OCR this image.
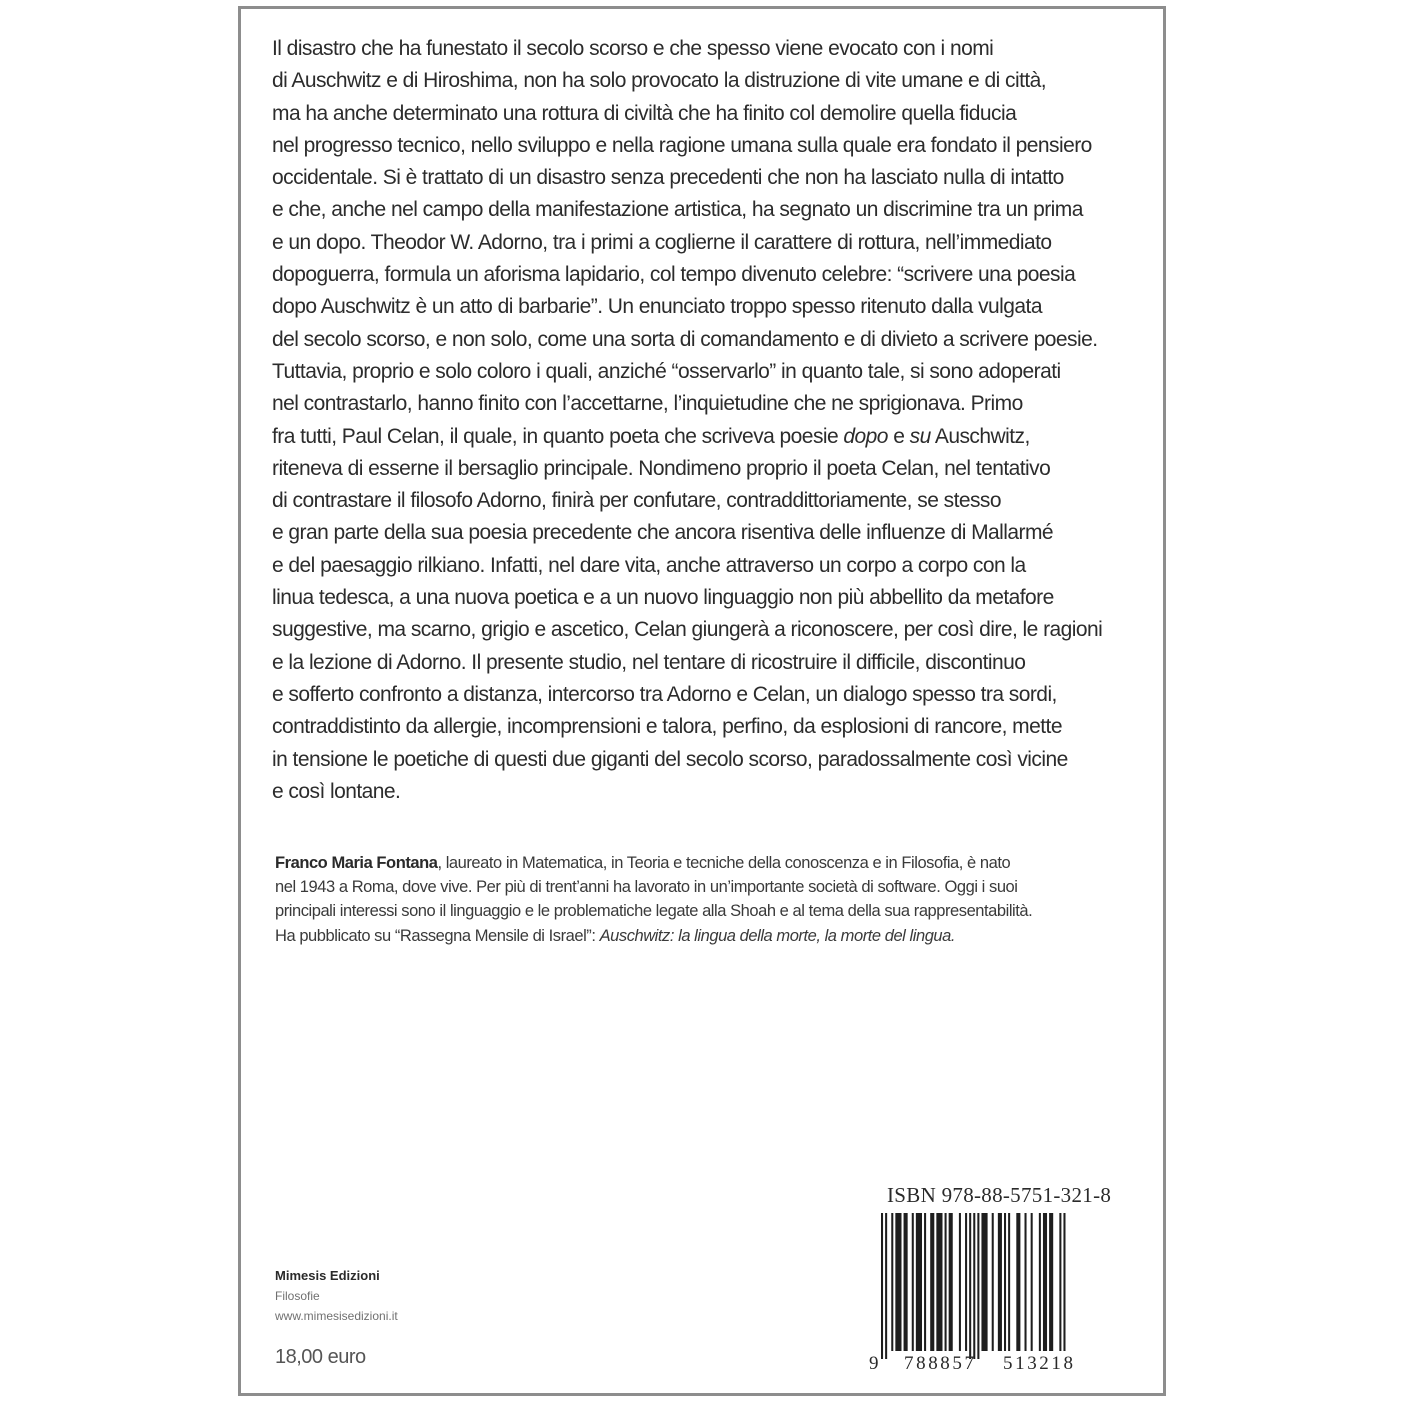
Il disastro che ha funestato il secolo scorso e che spesso viene evocato con i nomi
di Auschwitz e di Hiroshima, non ha solo provocato la distruzione di vite umane e di città,
ma ha anche determinato una rottura di civiltà che ha finito col demolire quella fiducia
nel progresso tecnico, nello sviluppo e nella ragione umana sulla quale era fondato il pensiero
occidentale. Si è trattato di un disastro senza precedenti che non ha lasciato nulla di intatto
e che, anche nel campo della manifestazione artistica, ha segnato un discrimine tra un prima
e un dopo. Theodor W. Adorno, tra i primi a coglierne il carattere di rottura, nell’immediato
dopoguerra, formula un aforisma lapidario, col tempo divenuto celebre: “scrivere una poesia
dopo Auschwitz è un atto di barbarie”. Un enunciato troppo spesso ritenuto dalla vulgata
del secolo scorso, e non solo, come una sorta di comandamento e di divieto a scrivere poesie.
Tuttavia, proprio e solo coloro i quali, anziché “osservarlo” in quanto tale, si sono adoperati
nel contrastarlo, hanno finito con l’accettarne, l’inquietudine che ne sprigionava. Primo
fra tutti, Paul Celan, il quale, in quanto poeta che scriveva poesie dopo e su Auschwitz,
riteneva di esserne il bersaglio principale. Nondimeno proprio il poeta Celan, nel tentativo
di contrastare il filosofo Adorno, finirà per confutare, contraddittoriamente, se stesso
e gran parte della sua poesia precedente che ancora risentiva delle influenze di Mallarmé
e del paesaggio rilkiano. Infatti, nel dare vita, anche attraverso un corpo a corpo con la
linua tedesca, a una nuova poetica e a un nuovo linguaggio non più abbellito da metafore
suggestive, ma scarno, grigio e ascetico, Celan giungerà a riconoscere, per così dire, le ragioni
e la lezione di Adorno. Il presente studio, nel tentare di ricostruire il difficile, discontinuo
e sofferto confronto a distanza, intercorso tra Adorno e Celan, un dialogo spesso tra sordi,
contraddistinto da allergie, incomprensioni e talora, perfino, da esplosioni di rancore, mette
in tensione le poetiche di questi due giganti del secolo scorso, paradossalmente così vicine
e così lontane.
Franco Maria Fontana, laureato in Matematica, in Teoria e tecniche della conoscenza e in Filosofia, è nato
nel 1943 a Roma, dove vive. Per più di trent’anni ha lavorato in un’importante società di software. Oggi i suoi
principali interessi sono il linguaggio e le problematiche legate alla Shoah e al tema della sua rappresentabilità.
Ha pubblicato su “Rassegna Mensile di Israel”: Auschwitz: la lingua della morte, la morte del lingua.
Mimesis Edizioni
Filosofie
www.mimesisedizioni.it
18,00 euro
ISBN 978-88-5751-321-8
9 788857 513218
